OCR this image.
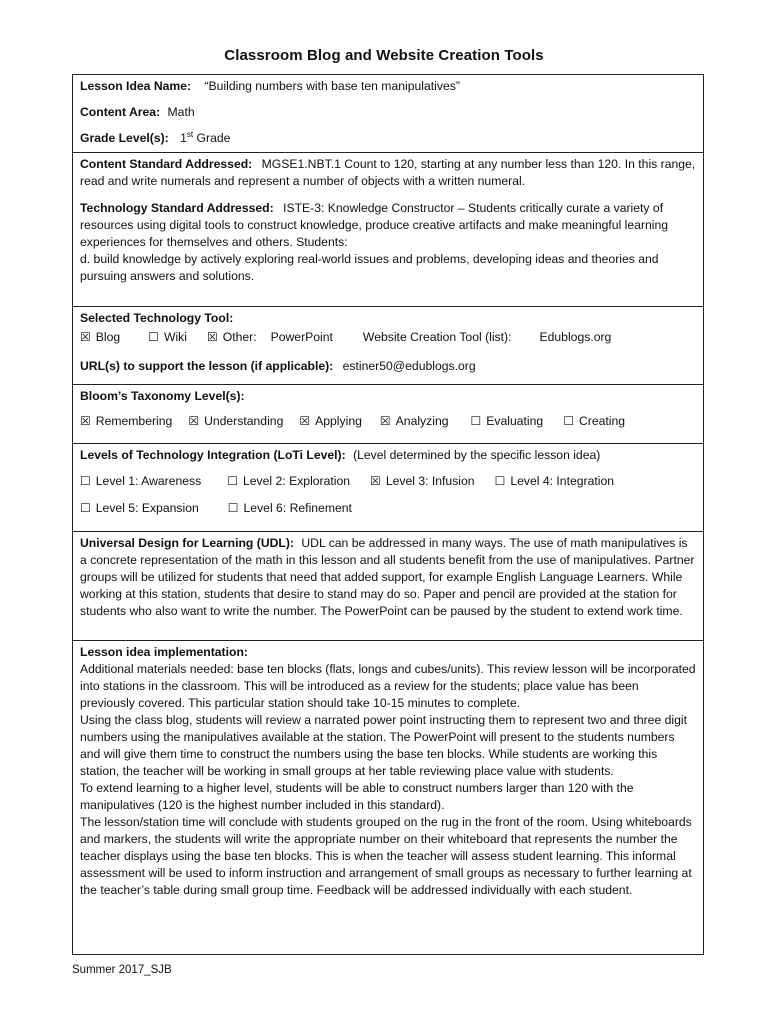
Classroom Blog and Website Creation Tools
Lesson Idea Name: “Building numbers with base ten manipulatives”
Content Area: Math
Grade Level(s): 1st Grade
Content Standard Addressed: MGSE1.NBT.1 Count to 120, starting at any number less than 120. In this range, read and write numerals and represent a number of objects with a written numeral.
Technology Standard Addressed: ISTE-3: Knowledge Constructor – Students critically curate a variety of resources using digital tools to construct knowledge, produce creative artifacts and make meaningful learning experiences for themselves and others. Students:
d. build knowledge by actively exploring real-world issues and problems, developing ideas and theories and pursuing answers and solutions.
Selected Technology Tool:
☒ Blog ☐ Wiki ☒ Other: PowerPoint Website Creation Tool (list): Edublogs.org
URL(s) to support the lesson (if applicable): estiner50@edublogs.org
Bloom’s Taxonomy Level(s):
☒ Remembering ☒ Understanding ☒ Applying ☒ Analyzing ☐ Evaluating ☐ Creating
Levels of Technology Integration (LoTi Level): (Level determined by the specific lesson idea)
☐ Level 1: Awareness ☐ Level 2: Exploration ☒ Level 3: Infusion ☐ Level 4: Integration
☐ Level 5: Expansion ☐ Level 6: Refinement
Universal Design for Learning (UDL): UDL can be addressed in many ways. The use of math manipulatives is a concrete representation of the math in this lesson and all students benefit from the use of manipulatives. Partner groups will be utilized for students that need that added support, for example English Language Learners. While working at this station, students that desire to stand may do so. Paper and pencil are provided at the station for students who also want to write the number. The PowerPoint can be paused by the student to extend work time.
Lesson idea implementation:
Additional materials needed: base ten blocks (flats, longs and cubes/units). This review lesson will be incorporated into stations in the classroom. This will be introduced as a review for the students; place value has been previously covered. This particular station should take 10-15 minutes to complete.
Using the class blog, students will review a narrated power point instructing them to represent two and three digit numbers using the manipulatives available at the station. The PowerPoint will present to the students numbers and will give them time to construct the numbers using the base ten blocks. While students are working this station, the teacher will be working in small groups at her table reviewing place value with students.
To extend learning to a higher level, students will be able to construct numbers larger than 120 with the manipulatives (120 is the highest number included in this standard).
The lesson/station time will conclude with students grouped on the rug in the front of the room. Using whiteboards and markers, the students will write the appropriate number on their whiteboard that represents the number the teacher displays using the base ten blocks. This is when the teacher will assess student learning. This informal assessment will be used to inform instruction and arrangement of small groups as necessary to further learning at the teacher’s table during small group time. Feedback will be addressed individually with each student.
Summer 2017_SJB
